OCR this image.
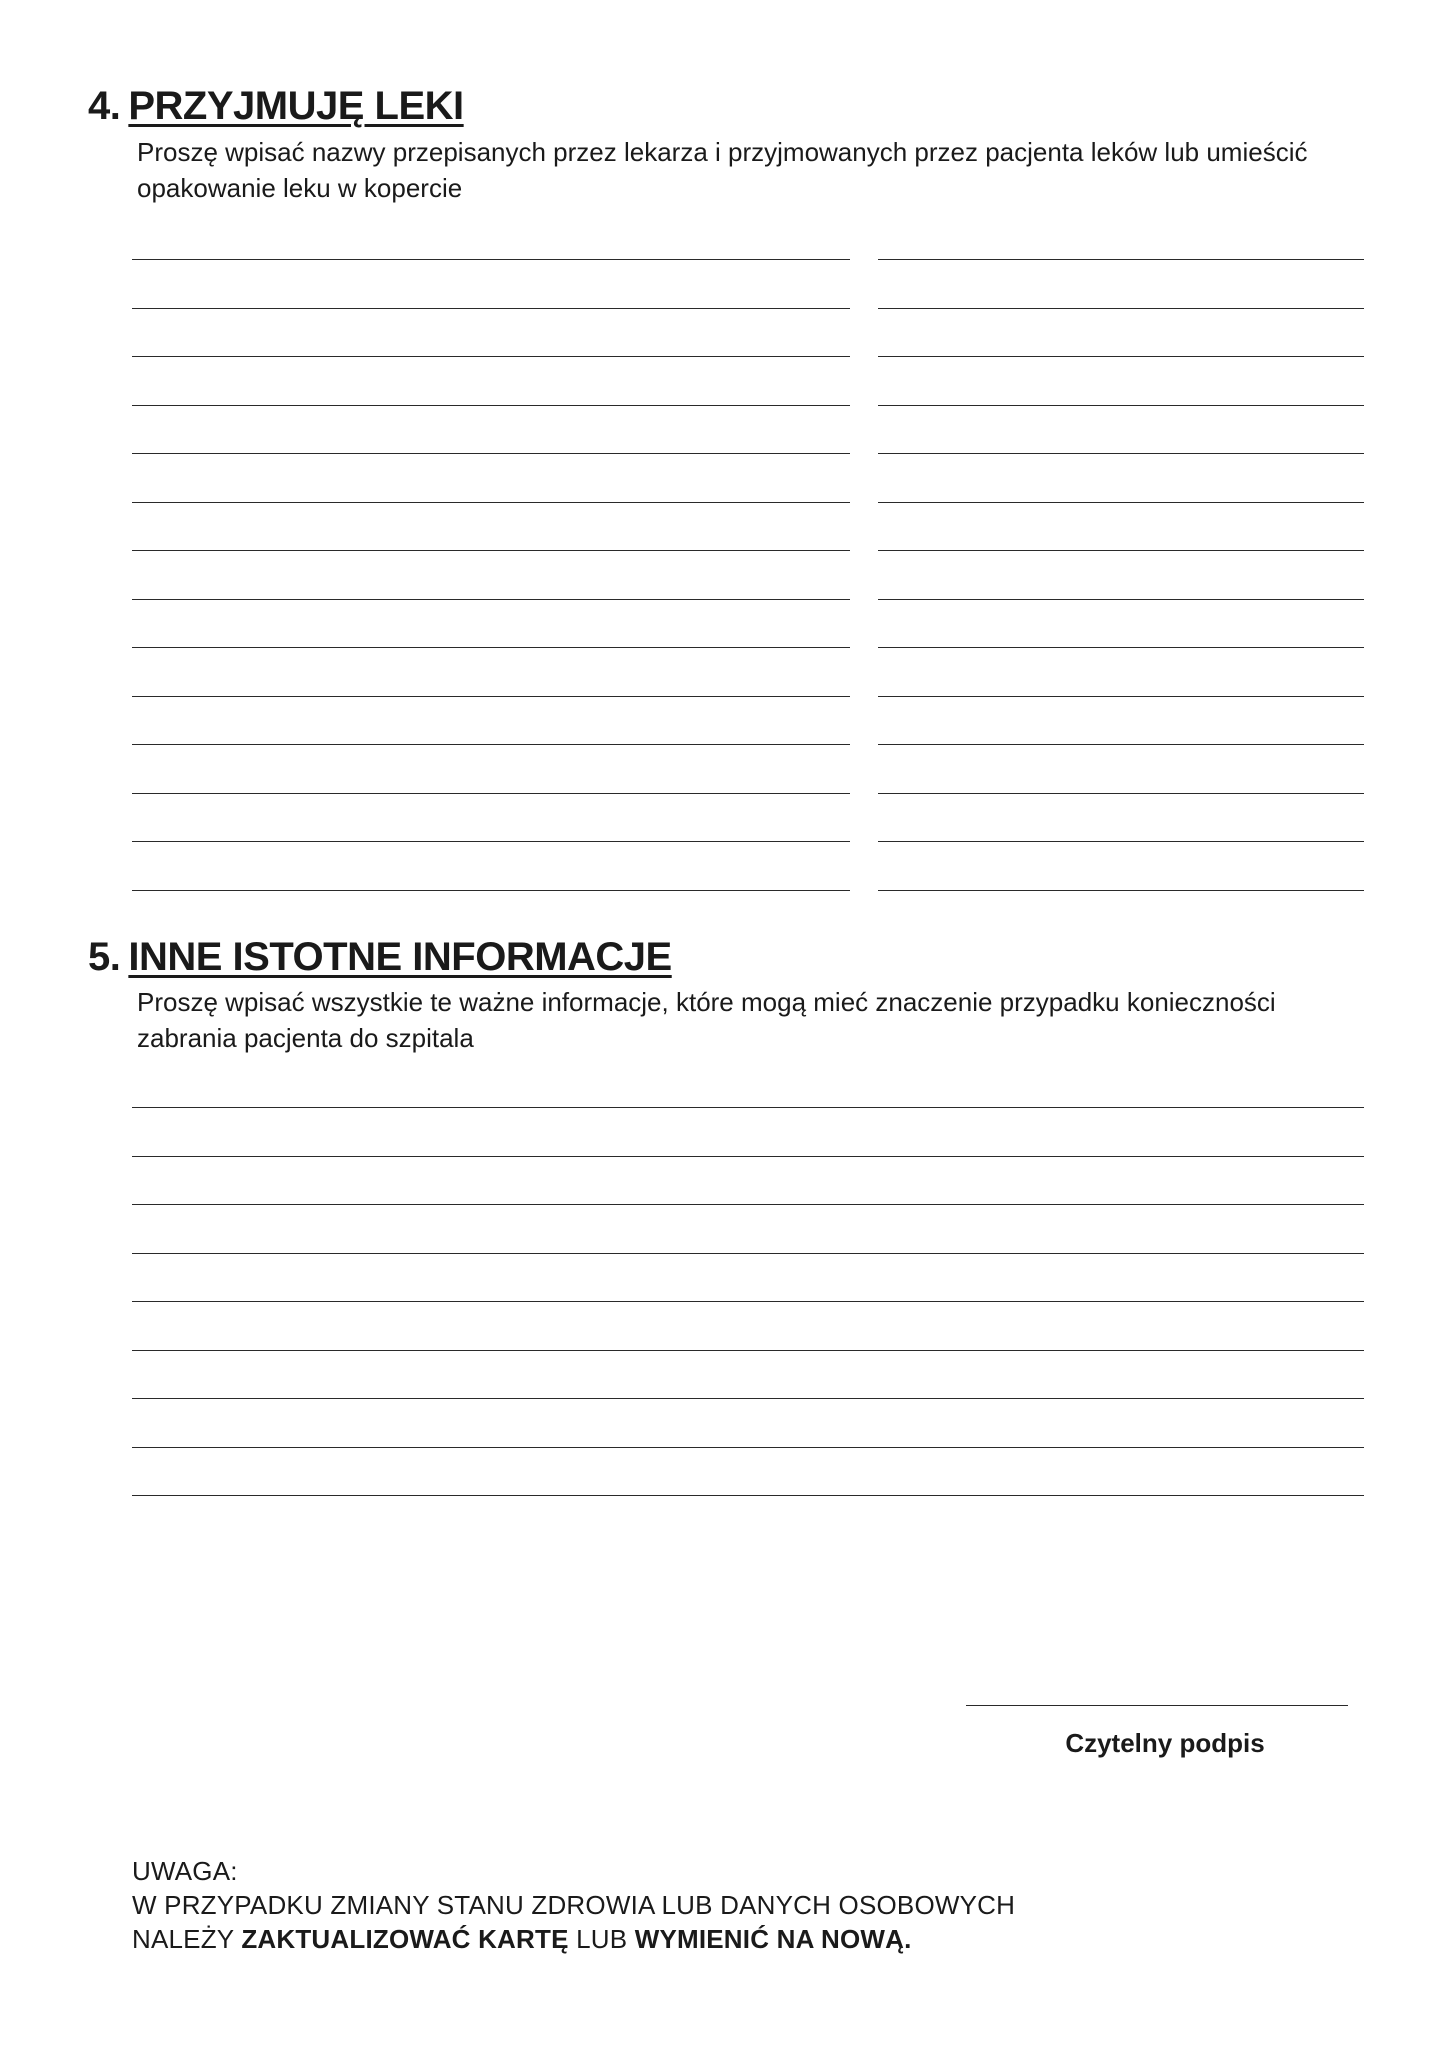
4. PRZYJMUJĘ LEKI

Proszę wpisać nazwy przepisanych przez lekarza i przyjmowanych przez pacjenta leków lub umieścić opakowanie leku w kopercie

5. INNE ISTOTNE INFORMACJE

Proszę wpisać wszystkie te ważne informacje, które mogą mieć znaczenie przypadku konieczności zabrania pacjenta do szpitala

Czytelny podpis
UWAGA:
W PRZYPADKU ZMIANY STANU ZDROWIA LUB DANYCH OSOBOWYCH
NALEŻY ZAKTUALIZOWAĆ KARTĘ LUB WYMIENIĆ NA NOWĄ.
